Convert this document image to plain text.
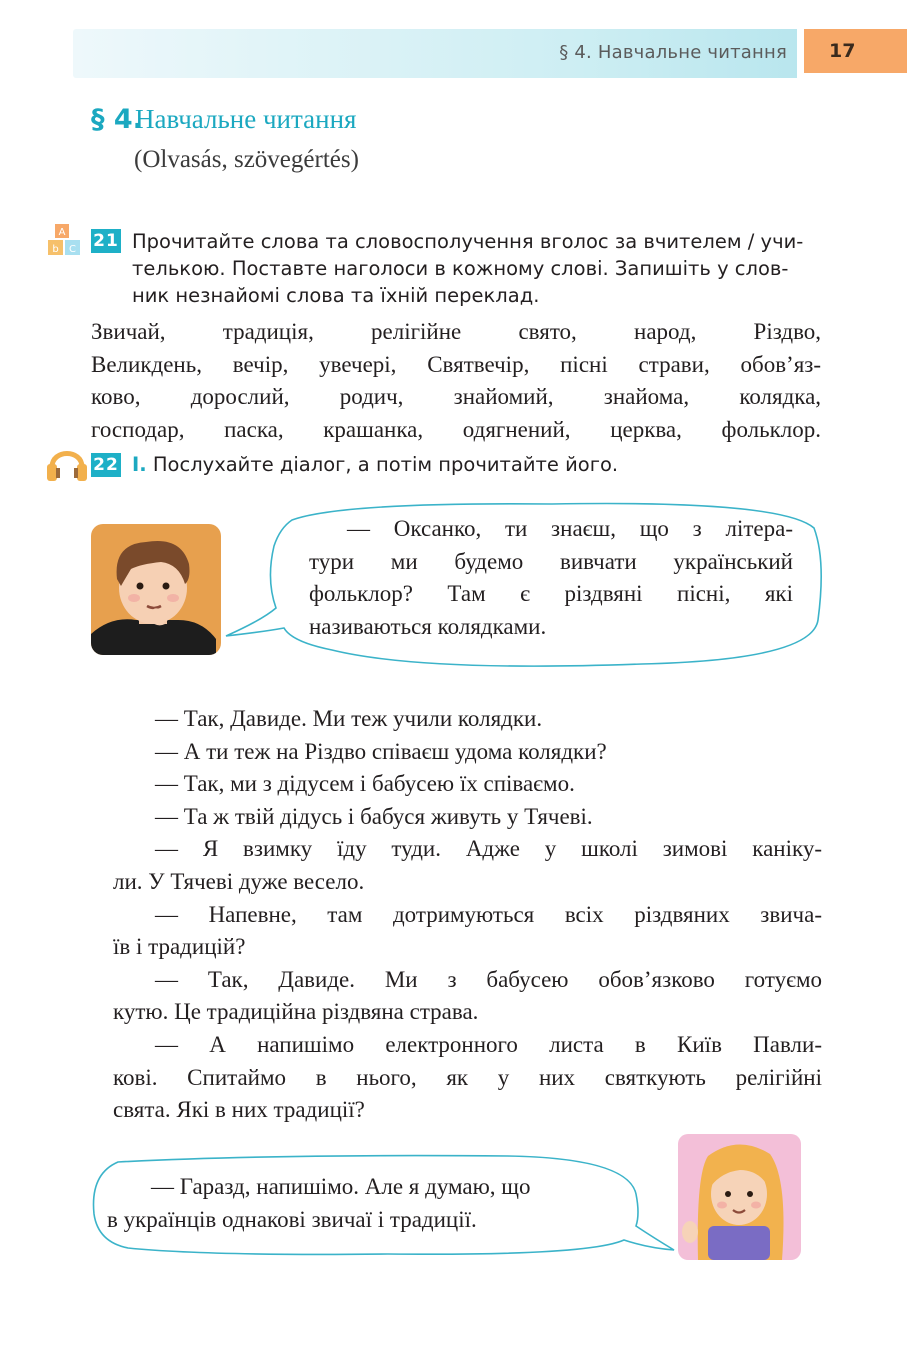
§ 4. Навчальне читання 17
§ 4.
Навчальне читання
(Olvasás, szövegértés)
A
b C 21 Прочитайте слова та словосполучення вголос за вчителем / учи-
телькою. Поставте наголоси в кожному слові. Запишіть у слов-
ник незнайомі слова та їхній переклад.
Звичай, традиція, релігійне свято, народ, Різдво,
Великдень, вечір, увечері, Святвечір, пісні страви, обов’яз-
ково, дорослий, родич, знайомий, знайома, колядка,
господар, паска, крашанка, одягнений, церква, фольклор.
22 І. Послухайте діалог, а потім прочитайте його.
— Оксанко, ти знаєш, що з літера-
тури ми будемо вивчати український
фольклор? Там є різдвяні пісні, які
називаються колядками.
— Так, Давиде. Ми теж учили колядки.
— А ти теж на Різдво співаєш удома колядки?
— Так, ми з дідусем і бабусею їх співаємо.
— Та ж твій дідусь і бабуся живуть у Тячеві.
— Я взимку їду туди. Адже у школі зимові каніку-
ли. У Тячеві дуже весело.
— Напевне, там дотримуються всіх різдвяних звича-
їв і традицій?
— Так, Давиде. Ми з бабусею обов’язково готуємо
кутю. Це традиційна різдвяна страва.
— А напишімо електронного листа в Київ Павли-
кові. Спитаймо в нього, як у них святкують релігійні
свята. Які в них традиції?
— Гаразд, напишімо. Але я думаю, що
в українців однакові звичаї і традиції.
